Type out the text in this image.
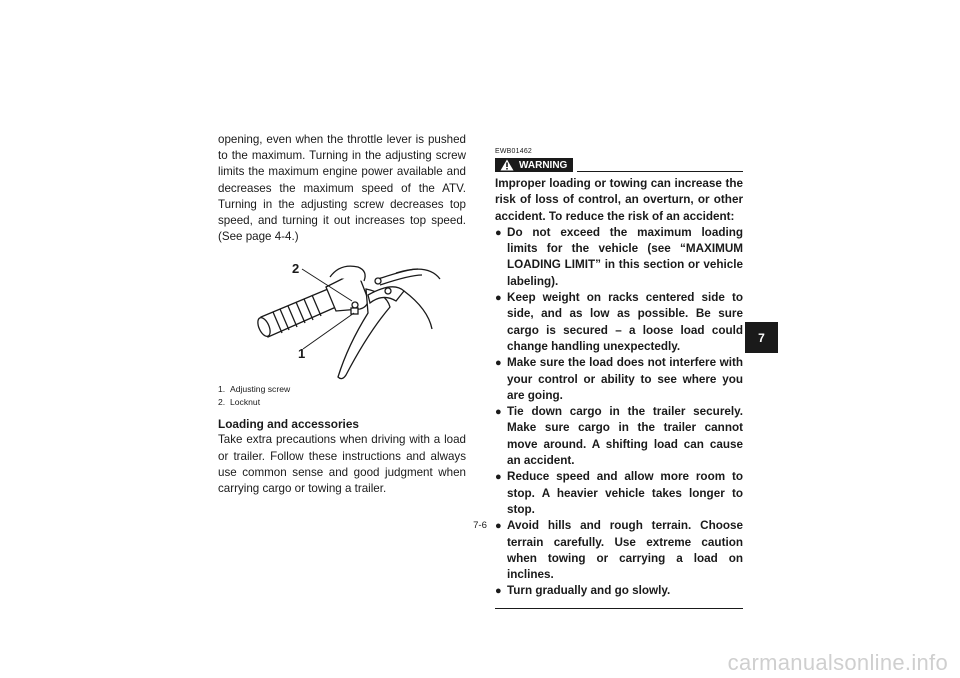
opening, even when the throttle lever is pushed to the maximum. Turning in the adjusting screw limits the maximum engine power available and decreases the maximum speed of the ATV. Turning in the adjusting screw decreases top speed, and turning it out increases top speed. (See page 4-4.)

2
1
1. Adjusting screw
2. Locknut
Loading and accessories

Take extra precautions when driving with a load or trailer. Follow these instructions and always use common sense and good judgment when carrying cargo or towing a trailer.

EWB01462
WARNING

Improper loading or towing can increase the risk of loss of control, an overturn, or other accident. To reduce the risk of an accident:

● Do not exceed the maximum loading limits for the vehicle (see “MAXIMUM LOADING LIMIT” in this section or vehicle labeling).
● Keep weight on racks centered side to side, and as low as possible. Be sure cargo is secured – a loose load could change handling unexpectedly.
● Make sure the load does not interfere with your control or ability to see where you are going.
● Tie down cargo in the trailer securely. Make sure cargo in the trailer cannot move around. A shifting load can cause an accident.
● Reduce speed and allow more room to stop. A heavier vehicle takes longer to stop.
● Avoid hills and rough terrain. Choose terrain carefully. Use extreme caution when towing or carrying a load on inclines.
● Turn gradually and go slowly.
7
7-6
carmanualsonline.info
